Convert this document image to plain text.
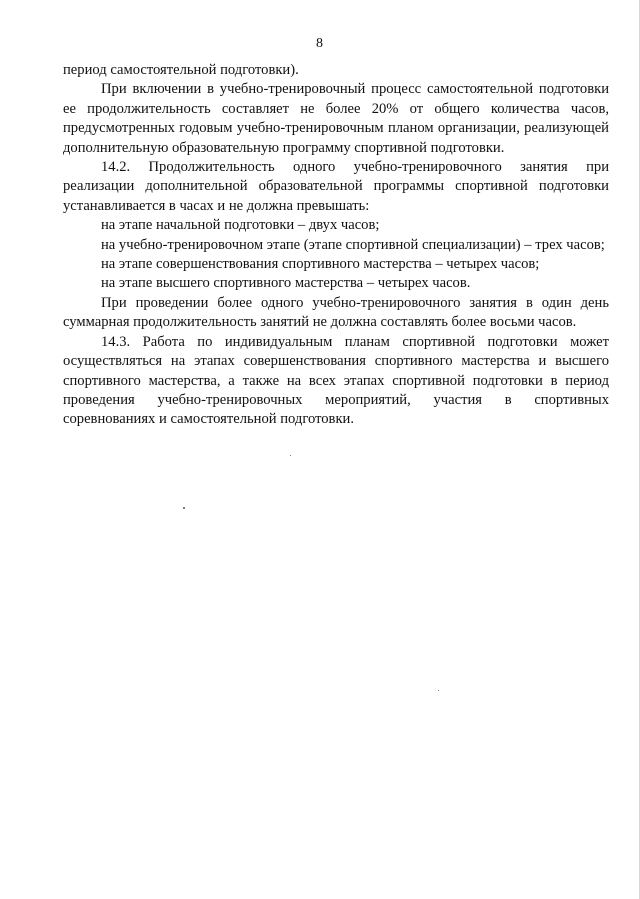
8

период самостоятельной подготовки).

При включении в учебно-тренировочный процесс самостоятельной подготовки ее продолжительность составляет не более 20% от общего количества часов, предусмотренных годовым учебно-тренировочным планом организации, реализующей дополнительную образовательную программу спортивной подготовки.

14.2. Продолжительность одного учебно-тренировочного занятия при реализации дополнительной образовательной программы спортивной подготовки устанавливается в часах и не должна превышать:

на этапе начальной подготовки – двух часов;

на учебно-тренировочном этапе (этапе спортивной специализации) – трех часов;

на этапе совершенствования спортивного мастерства – четырех часов;

на этапе высшего спортивного мастерства – четырех часов.

При проведении более одного учебно-тренировочного занятия в один день суммарная продолжительность занятий не должна составлять более восьми часов.

14.3. Работа по индивидуальным планам спортивной подготовки может осуществляться на этапах совершенствования спортивного мастерства и высшего спортивного мастерства, а также на всех этапах спортивной подготовки в период проведения учебно-тренировочных мероприятий, участия в спортивных соревнованиях и самостоятельной подготовки.
